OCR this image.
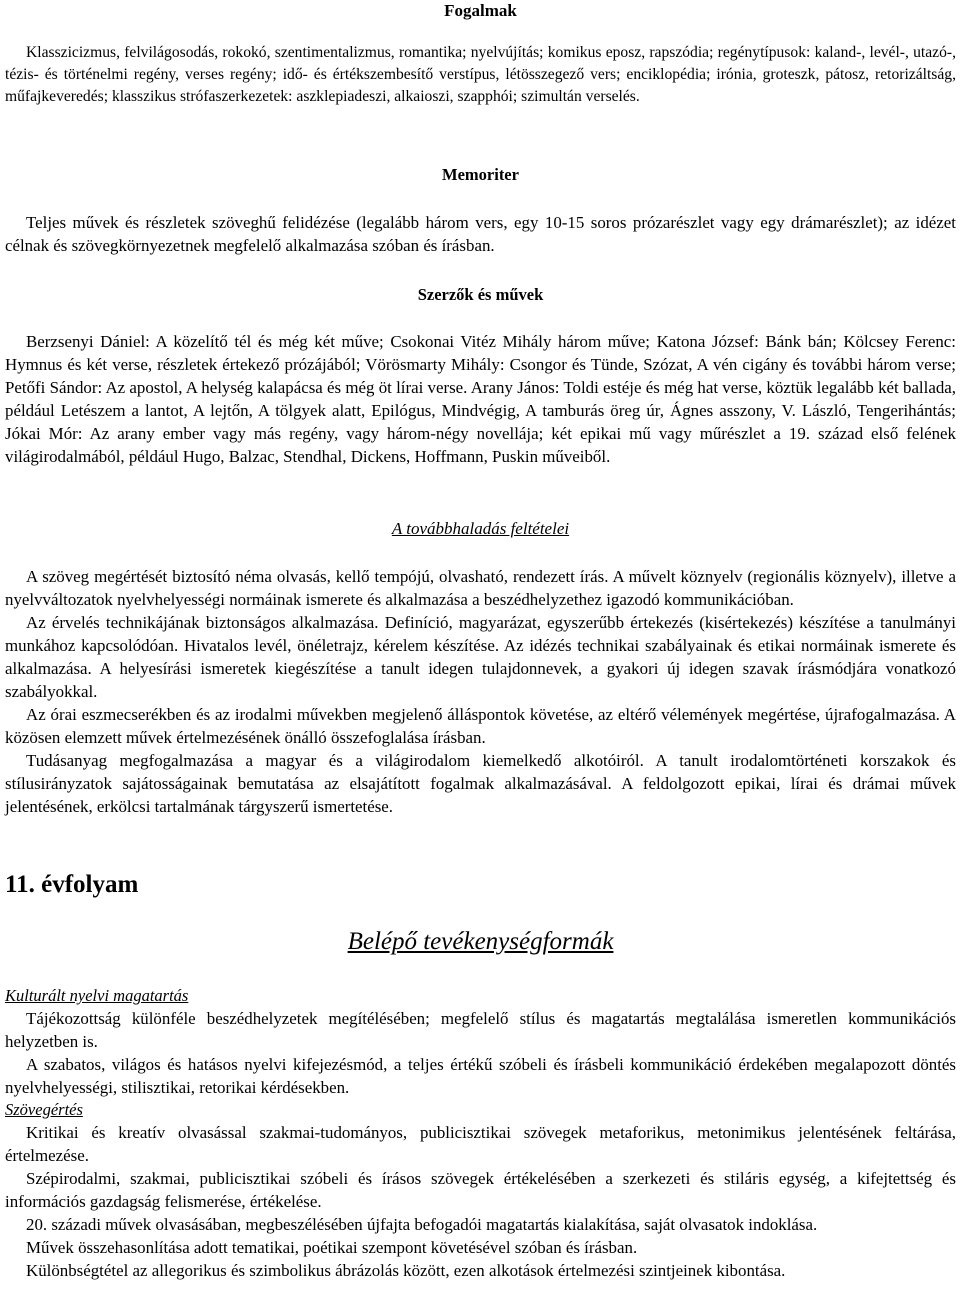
Fogalmak

Klasszicizmus, felvilágosodás, rokokó, szentimentalizmus, romantika; nyelvújítás; komikus eposz, rapszódia; regénytípusok: kaland-, levél-, utazó-, tézis- és történelmi regény, verses regény; idő- és értékszembesítő verstípus, létösszegező vers; enciklopédia; irónia, groteszk, pátosz, retorizáltság, műfajkeveredés; klasszikus strófaszerkezetek: aszklepiadeszi, alkaioszi, szapphói; szimultán verselés.

Memoriter

Teljes művek és részletek szöveghű felidézése (legalább három vers, egy 10-15 soros prózarészlet vagy egy drámarészlet); az idézet célnak és szövegkörnyezetnek megfelelő alkalmazása szóban és írásban.

Szerzők és művek

Berzsenyi Dániel: A közelítő tél és még két műve; Csokonai Vitéz Mihály három műve; Katona József: Bánk bán; Kölcsey Ferenc: Hymnus és két verse, részletek értekező prózájából; Vörösmarty Mihály: Csongor és Tünde, Szózat, A vén cigány és további három verse; Petőfi Sándor: Az apostol, A helység kalapácsa és még öt lírai verse. Arany János: Toldi estéje és még hat verse, köztük legalább két ballada, például Letészem a lantot, A lejtőn, A tölgyek alatt, Epilógus, Mindvégig, A tamburás öreg úr, Ágnes asszony, V. László, Tengerihántás; Jókai Mór: Az arany ember vagy más regény, vagy három-négy novellája; két epikai mű vagy műrészlet a 19. század első felének világirodalmából, például Hugo, Balzac, Stendhal, Dickens, Hoffmann, Puskin műveiből.

A továbbhaladás feltételei

A szöveg megértését biztosító néma olvasás, kellő tempójú, olvasható, rendezett írás. A művelt köznyelv (regionális köznyelv), illetve a nyelvváltozatok nyelvhelyességi normáinak ismerete és alkalmazása a beszédhelyzethez igazodó kommunikációban.

Az érvelés technikájának biztonságos alkalmazása. Definíció, magyarázat, egyszerűbb értekezés (kisértekezés) készítése a tanulmányi munkához kapcsolódóan. Hivatalos levél, önéletrajz, kérelem készítése. Az idézés technikai szabályainak és etikai normáinak ismerete és alkalmazása. A helyesírási ismeretek kiegészítése a tanult idegen tulajdonnevek, a gyakori új idegen szavak írásmódjára vonatkozó szabályokkal.

Az órai eszmecserékben és az irodalmi művekben megjelenő álláspontok követése, az eltérő vélemények megértése, újrafogalmazása. A közösen elemzett művek értelmezésének önálló összefoglalása írásban.

Tudásanyag megfogalmazása a magyar és a világirodalom kiemelkedő alkotóiról. A tanult irodalomtörténeti korszakok és stílusirányzatok sajátosságainak bemutatása az elsajátított fogalmak alkalmazásával. A feldolgozott epikai, lírai és drámai művek jelentésének, erkölcsi tartalmának tárgyszerű ismertetése.

11. évfolyam

Belépő tevékenységformák

Kulturált nyelvi magatartás

Tájékozottság különféle beszédhelyzetek megítélésében; megfelelő stílus és magatartás megtalálása ismeretlen kommunikációs helyzetben is.

A szabatos, világos és hatásos nyelvi kifejezésmód, a teljes értékű szóbeli és írásbeli kommunikáció érdekében megalapozott döntés nyelvhelyességi, stilisztikai, retorikai kérdésekben.

Szövegértés

Kritikai és kreatív olvasással szakmai-tudományos, publicisztikai szövegek metaforikus, metonimikus jelentésének feltárása, értelmezése.

Szépirodalmi, szakmai, publicisztikai szóbeli és írásos szövegek értékelésében a szerkezeti és stiláris egység, a kifejtettség és információs gazdagság felismerése, értékelése.

20. századi művek olvasásában, megbeszélésében újfajta befogadói magatartás kialakítása, saját olvasatok indoklása.

Művek összehasonlítása adott tematikai, poétikai szempont követésével szóban és írásban.

Különbségtétel az allegorikus és szimbolikus ábrázolás között, ezen alkotások értelmezési szintjeinek kibontása.
